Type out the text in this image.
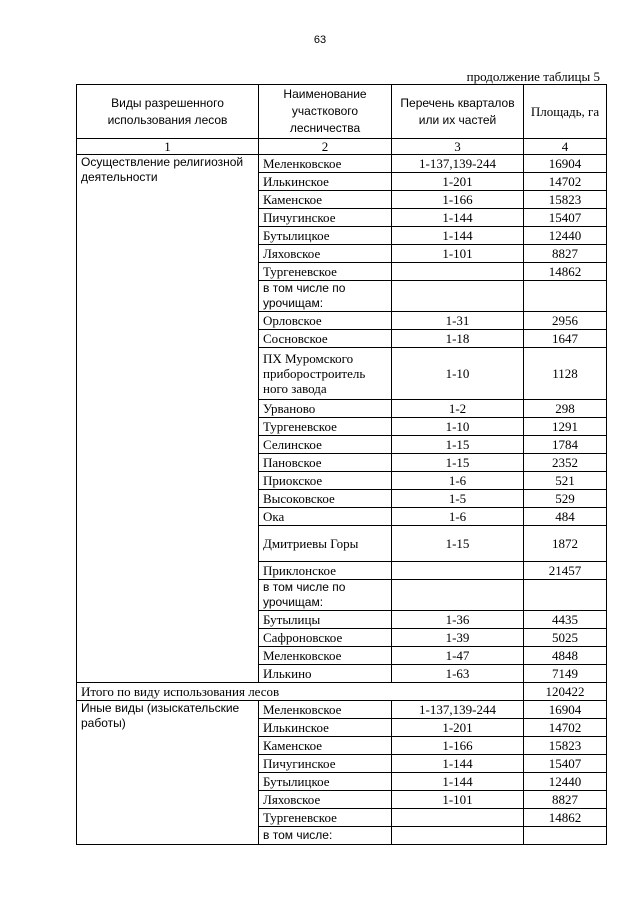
63
продолжение таблицы 5
Виды разрешенного использования лесов	Наименование участкового лесничества	Перечень кварталов или их частей	Площадь, га
1	2	3	4
Осуществление религиозной деятельности	Меленковское	1-137,139-244	16904
	Илькинское	1-201	14702
	Каменское	1-166	15823
	Пичугинское	1-144	15407
	Бутылицкое	1-144	12440
	Ляховское	1-101	8827
	Тургеневское		14862
	в том числе по урочищам:		
	Орловское	1-31	2956
	Сосновское	1-18	1647
	ПХ Муромского приборостроитель ного завода	1-10	1128
	Урваново	1-2	298
	Тургеневское	1-10	1291
	Селинское	1-15	1784
	Пановское	1-15	2352
	Приокское	1-6	521
	Высоковское	1-5	529
	Ока	1-6	484
	Дмитриевы Горы	1-15	1872
	Приклонское		21457
	в том числе по урочищам:		
	Бутылицы	1-36	4435
	Сафроновское	1-39	5025
	Меленковское	1-47	4848
	Илькино	1-63	7149
Итого по виду использования лесов			120422
Иные виды (изыскательские работы)	Меленковское	1-137,139-244	16904
	Илькинское	1-201	14702
	Каменское	1-166	15823
	Пичугинское	1-144	15407
	Бутылицкое	1-144	12440
	Ляховское	1-101	8827
	Тургеневское		14862
	в том числе:		
